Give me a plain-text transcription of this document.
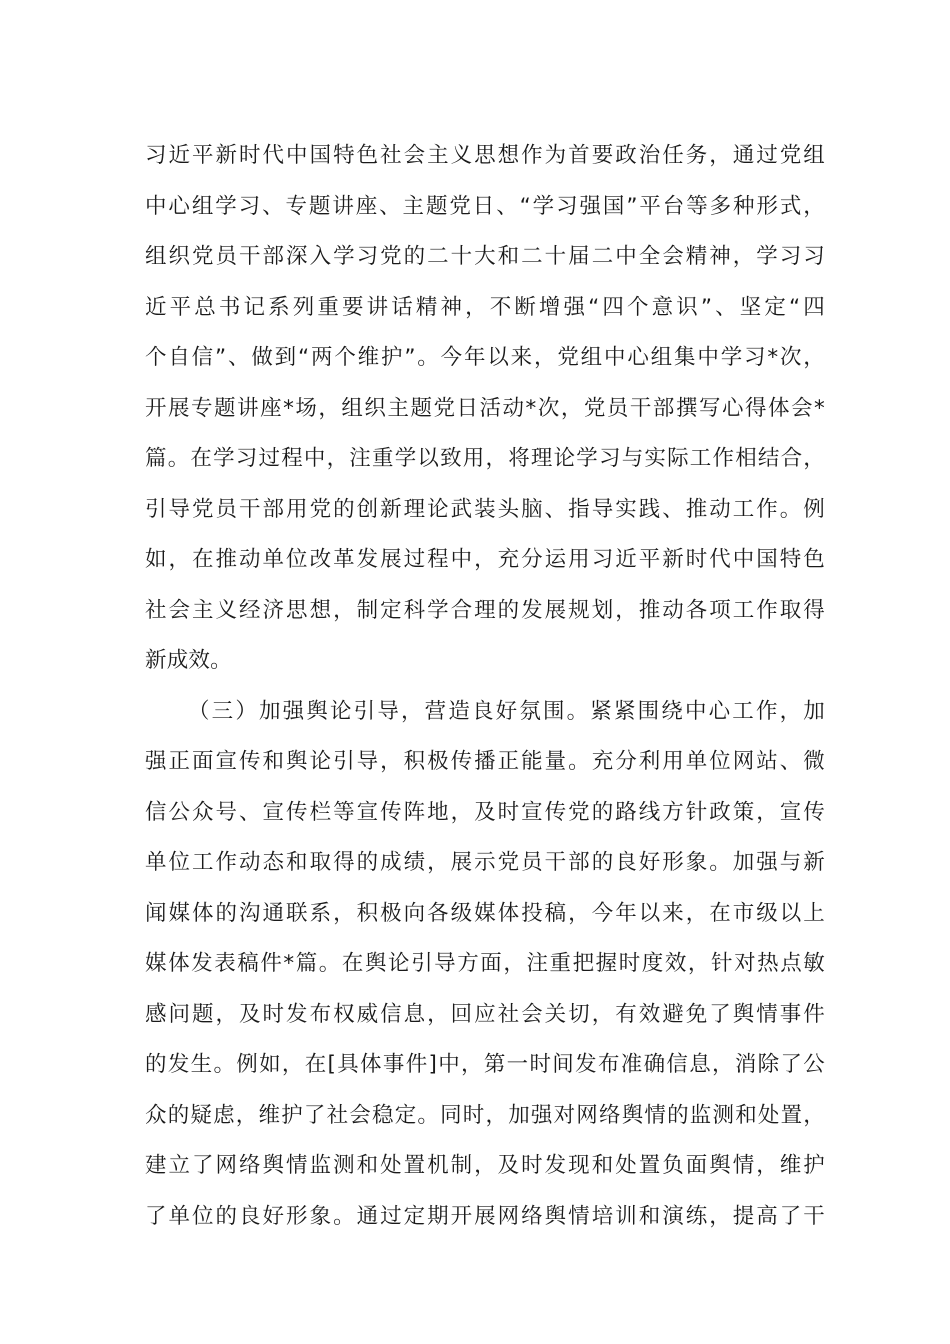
习近平新时代中国特色社会主义思想作为首要政治任务，通过党组
中心组学习、专题讲座、主题党日、“学习强国”平台等多种形式，
组织党员干部深入学习党的二十大和二十届二中全会精神，学习习
近平总书记系列重要讲话精神，不断增强“四个意识”、坚定“四
个自信”、做到“两个维护”。今年以来，党组中心组集中学习*次，
开展专题讲座*场，组织主题党日活动*次，党员干部撰写心得体会*
篇。在学习过程中，注重学以致用，将理论学习与实际工作相结合，
引导党员干部用党的创新理论武装头脑、指导实践、推动工作。例
如，在推动单位改革发展过程中，充分运用习近平新时代中国特色
社会主义经济思想，制定科学合理的发展规划，推动各项工作取得
新成效。
（三）加强舆论引导，营造良好氛围。紧紧围绕中心工作，加
强正面宣传和舆论引导，积极传播正能量。充分利用单位网站、微
信公众号、宣传栏等宣传阵地，及时宣传党的路线方针政策，宣传
单位工作动态和取得的成绩，展示党员干部的良好形象。加强与新
闻媒体的沟通联系，积极向各级媒体投稿，今年以来，在市级以上
媒体发表稿件*篇。在舆论引导方面，注重把握时度效，针对热点敏
感问题，及时发布权威信息，回应社会关切，有效避免了舆情事件
的发生。例如，在[具体事件]中，第一时间发布准确信息，消除了公
众的疑虑，维护了社会稳定。同时，加强对网络舆情的监测和处置，
建立了网络舆情监测和处置机制，及时发现和处置负面舆情，维护
了单位的良好形象。通过定期开展网络舆情培训和演练，提高了干
